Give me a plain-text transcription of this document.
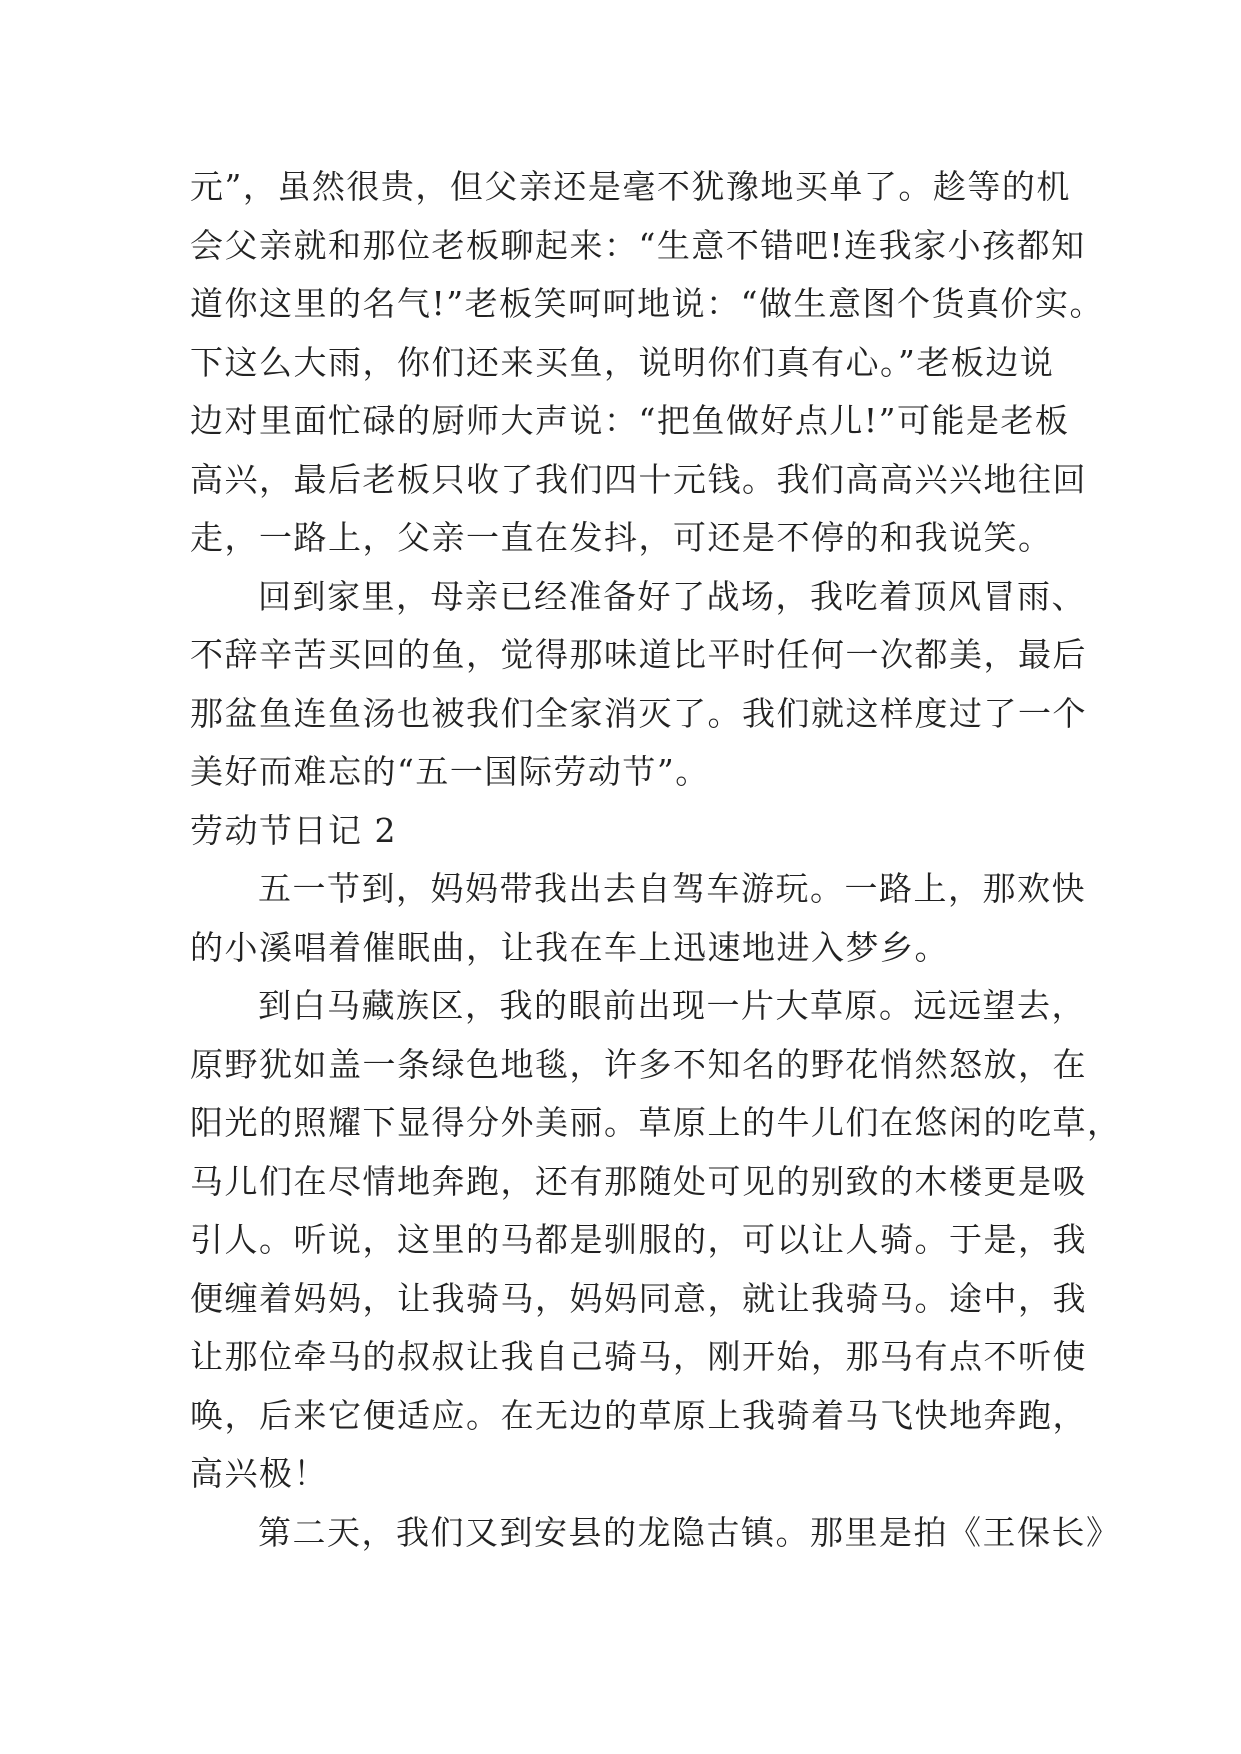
元”，虽然很贵，但父亲还是毫不犹豫地买单了。趁等的机
会父亲就和那位老板聊起来：“生意不错吧!连我家小孩都知
道你这里的名气!”老板笑呵呵地说：“做生意图个货真价实。
下这么大雨，你们还来买鱼，说明你们真有心。”老板边说
边对里面忙碌的厨师大声说：“把鱼做好点儿!”可能是老板
高兴，最后老板只收了我们四十元钱。我们高高兴兴地往回
走，一路上，父亲一直在发抖，可还是不停的和我说笑。
回到家里，母亲已经准备好了战场，我吃着顶风冒雨、
不辞辛苦买回的鱼，觉得那味道比平时任何一次都美，最后
那盆鱼连鱼汤也被我们全家消灭了。我们就这样度过了一个
美好而难忘的“五一国际劳动节”。
劳动节日记 2
五一节到，妈妈带我出去自驾车游玩。一路上，那欢快
的小溪唱着催眠曲，让我在车上迅速地进入梦乡。
到白马藏族区，我的眼前出现一片大草原。远远望去，
原野犹如盖一条绿色地毯，许多不知名的野花悄然怒放，在
阳光的照耀下显得分外美丽。草原上的牛儿们在悠闲的吃草，
马儿们在尽情地奔跑，还有那随处可见的别致的木楼更是吸
引人。听说，这里的马都是驯服的，可以让人骑。于是，我
便缠着妈妈，让我骑马，妈妈同意，就让我骑马。途中，我
让那位牵马的叔叔让我自己骑马，刚开始，那马有点不听使
唤，后来它便适应。在无边的草原上我骑着马飞快地奔跑，
高兴极！
第二天，我们又到安县的龙隐古镇。那里是拍《王保长》
